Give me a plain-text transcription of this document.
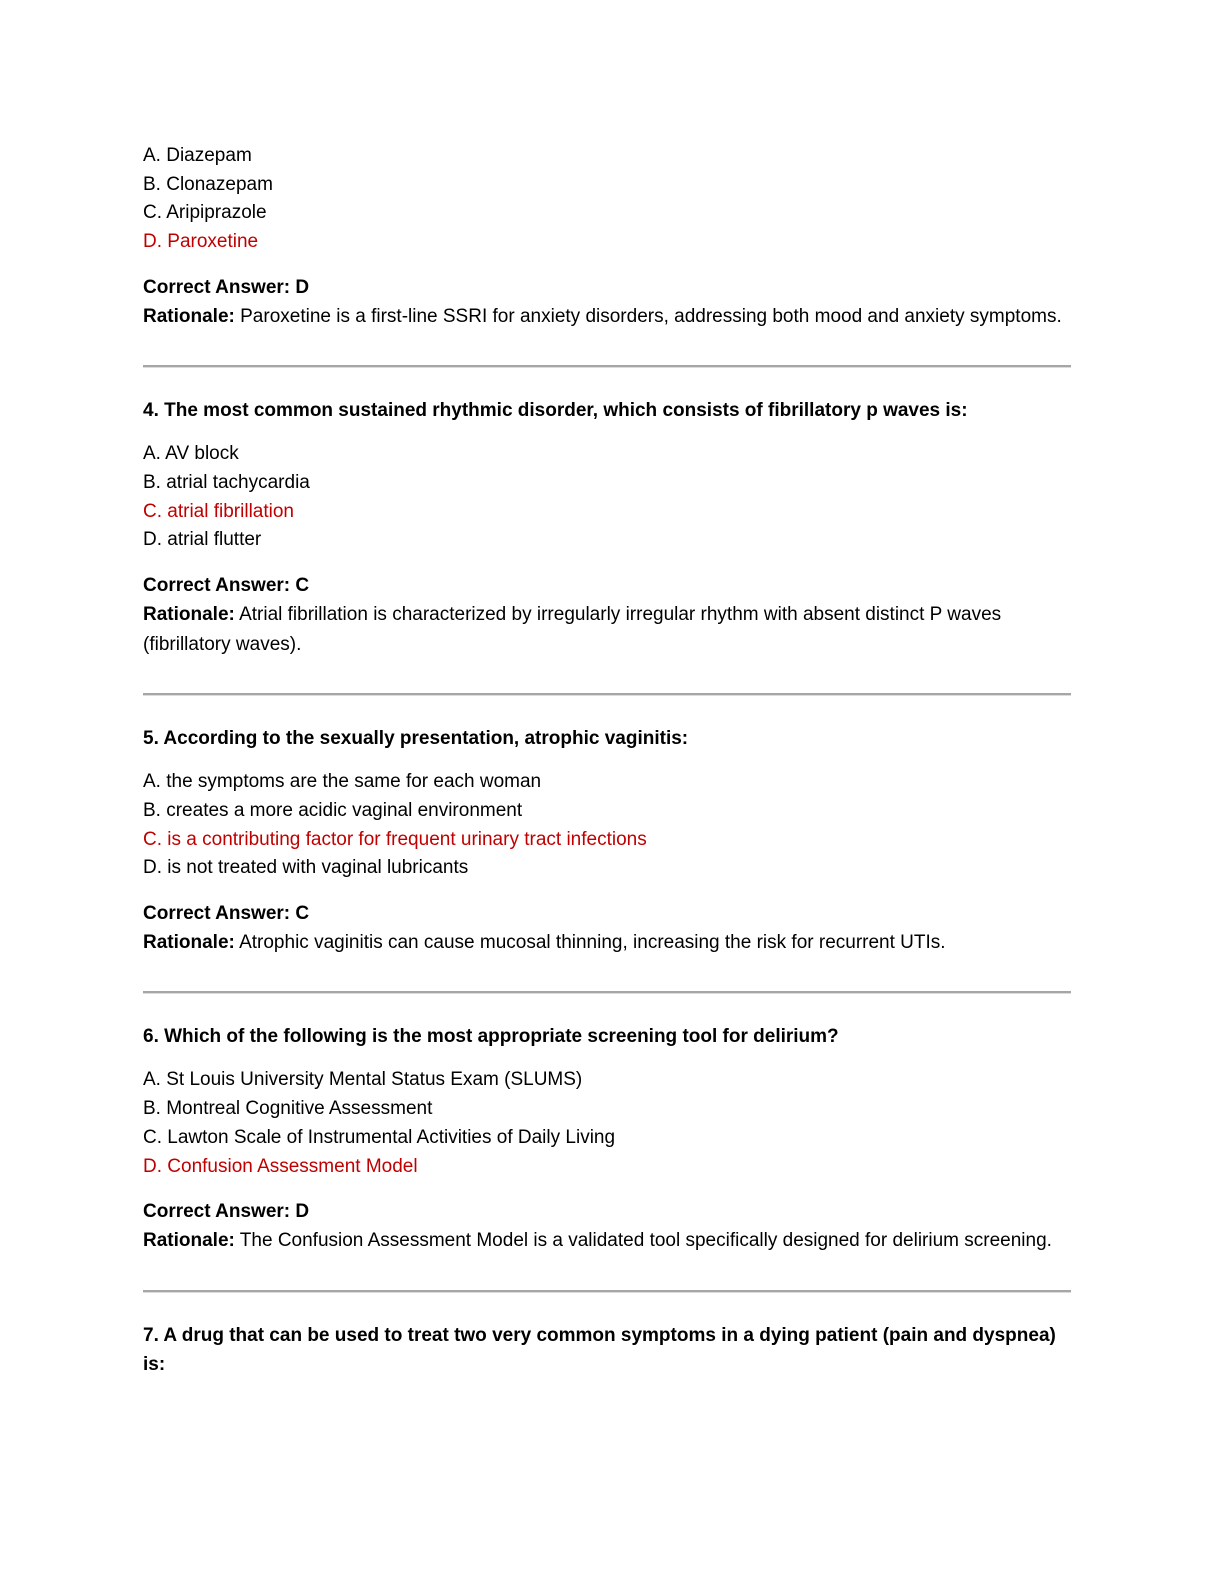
A. Diazepam

B. Clonazepam

C. Aripiprazole

D. Paroxetine

Correct Answer: D

Rationale: Paroxetine is a first-line SSRI for anxiety disorders, addressing both mood and anxiety symptoms.

4. The most common sustained rhythmic disorder, which consists of fibrillatory p waves is:

A. AV block

B. atrial tachycardia

C. atrial fibrillation

D. atrial flutter

Correct Answer: C

Rationale: Atrial fibrillation is characterized by irregularly irregular rhythm with absent distinct P waves (fibrillatory waves).

5. According to the sexually presentation, atrophic vaginitis:

A. the symptoms are the same for each woman

B. creates a more acidic vaginal environment

C. is a contributing factor for frequent urinary tract infections

D. is not treated with vaginal lubricants

Correct Answer: C

Rationale: Atrophic vaginitis can cause mucosal thinning, increasing the risk for recurrent UTIs.

6. Which of the following is the most appropriate screening tool for delirium?

A. St Louis University Mental Status Exam (SLUMS)

B. Montreal Cognitive Assessment

C. Lawton Scale of Instrumental Activities of Daily Living

D. Confusion Assessment Model

Correct Answer: D

Rationale: The Confusion Assessment Model is a validated tool specifically designed for delirium screening.

7. A drug that can be used to treat two very common symptoms in a dying patient (pain and dyspnea) is:
